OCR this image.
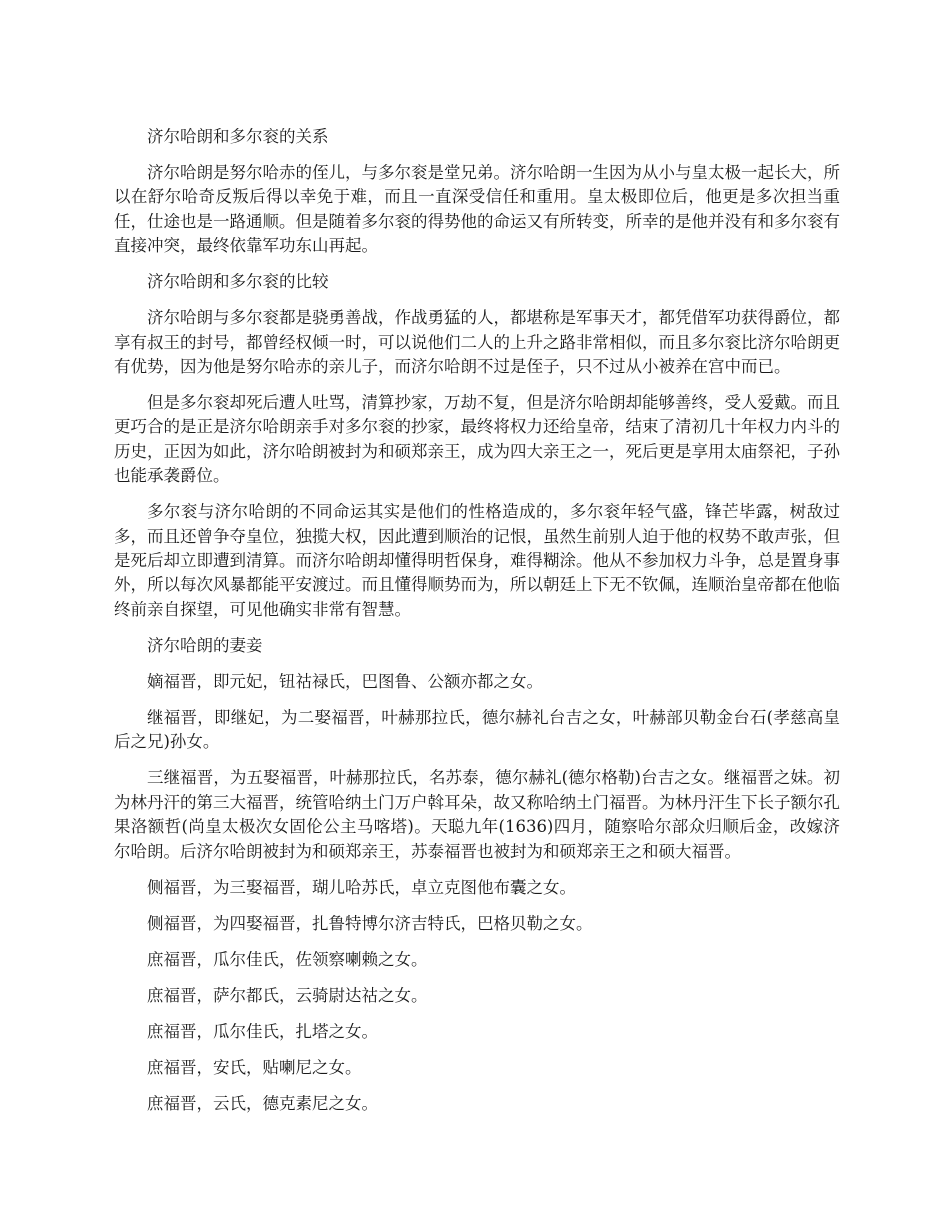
济尔哈朗和多尔衮的关系

济尔哈朗是努尔哈赤的侄儿，与多尔衮是堂兄弟。济尔哈朗一生因为从小与皇太极一起长大，所以在舒尔哈奇反叛后得以幸免于难，而且一直深受信任和重用。皇太极即位后，他更是多次担当重任，仕途也是一路通顺。但是随着多尔衮的得势他的命运又有所转变，所幸的是他并没有和多尔衮有直接冲突，最终依靠军功东山再起。

济尔哈朗和多尔衮的比较

济尔哈朗与多尔衮都是骁勇善战，作战勇猛的人，都堪称是军事天才，都凭借军功获得爵位，都享有叔王的封号，都曾经权倾一时，可以说他们二人的上升之路非常相似，而且多尔衮比济尔哈朗更有优势，因为他是努尔哈赤的亲儿子，而济尔哈朗不过是侄子，只不过从小被养在宫中而已。

但是多尔衮却死后遭人吐骂，清算抄家，万劫不复，但是济尔哈朗却能够善终，受人爱戴。而且更巧合的是正是济尔哈朗亲手对多尔衮的抄家，最终将权力还给皇帝，结束了清初几十年权力内斗的历史，正因为如此，济尔哈朗被封为和硕郑亲王，成为四大亲王之一，死后更是享用太庙祭祀，子孙也能承袭爵位。

多尔衮与济尔哈朗的不同命运其实是他们的性格造成的，多尔衮年轻气盛，锋芒毕露，树敌过多，而且还曾争夺皇位，独揽大权，因此遭到顺治的记恨，虽然生前别人迫于他的权势不敢声张，但是死后却立即遭到清算。而济尔哈朗却懂得明哲保身，难得糊涂。他从不参加权力斗争，总是置身事外，所以每次风暴都能平安渡过。而且懂得顺势而为，所以朝廷上下无不钦佩，连顺治皇帝都在他临终前亲自探望，可见他确实非常有智慧。

济尔哈朗的妻妾

嫡福晋，即元妃，钮祜禄氏，巴图鲁、公额亦都之女。

继福晋，即继妃，为二娶福晋，叶赫那拉氏，德尔赫礼台吉之女，叶赫部贝勒金台石(孝慈高皇后之兄)孙女。

三继福晋，为五娶福晋，叶赫那拉氏，名苏泰，德尔赫礼(德尔格勒)台吉之女。继福晋之妹。初为林丹汗的第三大福晋，统管哈纳土门万户斡耳朵，故又称哈纳土门福晋。为林丹汗生下长子额尔孔果洛额哲(尚皇太极次女固伦公主马喀塔)。天聪九年(1636)四月，随察哈尔部众归顺后金，改嫁济尔哈朗。后济尔哈朗被封为和硕郑亲王，苏泰福晋也被封为和硕郑亲王之和硕大福晋。

侧福晋，为三娶福晋，瑚儿哈苏氏，卓立克图他布囊之女。

侧福晋，为四娶福晋，扎鲁特博尔济吉特氏，巴格贝勒之女。

庶福晋，瓜尔佳氏，佐领察喇赖之女。

庶福晋，萨尔都氏，云骑尉达祜之女。

庶福晋，瓜尔佳氏，扎塔之女。

庶福晋，安氏，贴喇尼之女。

庶福晋，云氏，德克素尼之女。
